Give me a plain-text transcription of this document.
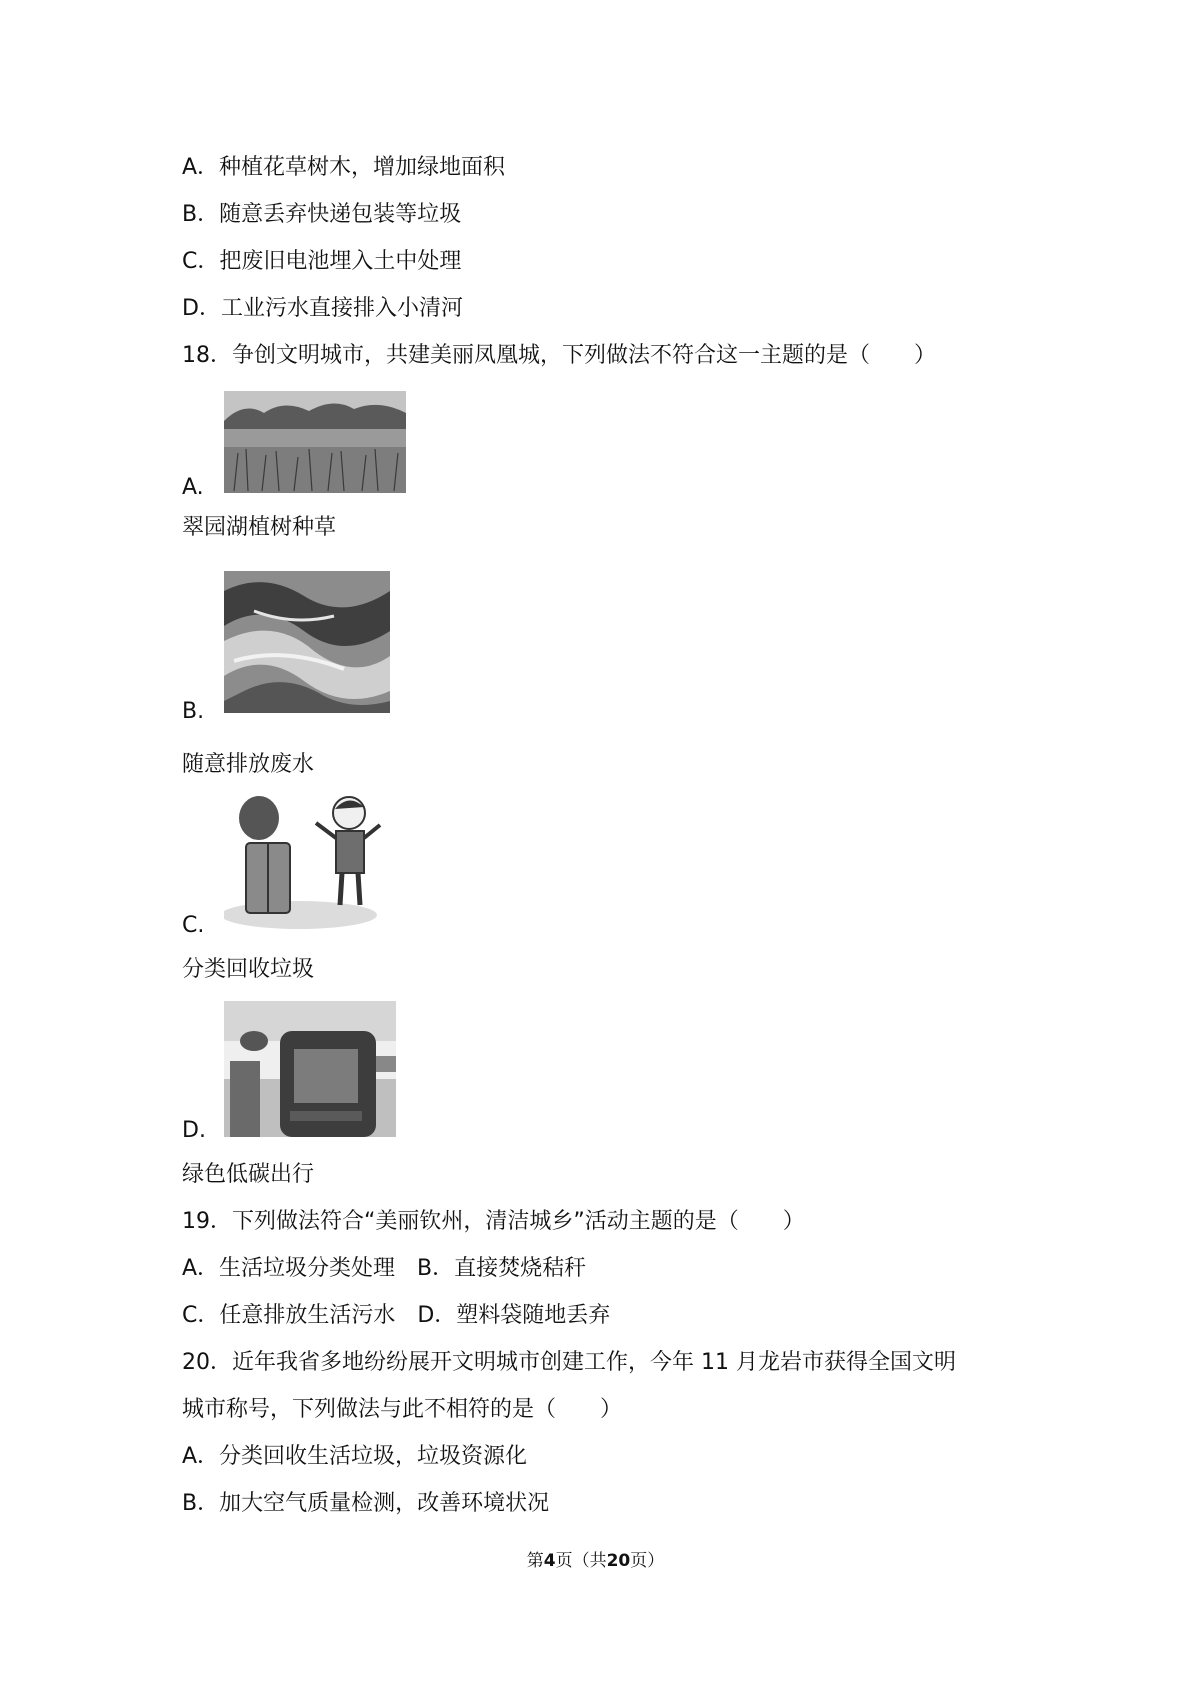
A．种植花草树木，增加绿地面积
B．随意丢弃快递包装等垃圾
C．把废旧电池埋入土中处理
D．工业污水直接排入小清河
18．争创文明城市，共建美丽凤凰城，下列做法不符合这一主题的是（　　）
A.
翠园湖植树种草
B.
随意排放废水
C.
分类回收垃圾
D.
绿色低碳出行
19．下列做法符合“美丽钦州，清洁城乡”活动主题的是（　　）
A．生活垃圾分类处理　B．直接焚烧秸秆
C．任意排放生活污水　D．塑料袋随地丢弃
20．近年我省多地纷纷展开文明城市创建工作，今年 11 月龙岩市获得全国文明
城市称号，下列做法与此不相符的是（　　）
A．分类回收生活垃圾，垃圾资源化
B．加大空气质量检测，改善环境状况
第4页（共20页）
